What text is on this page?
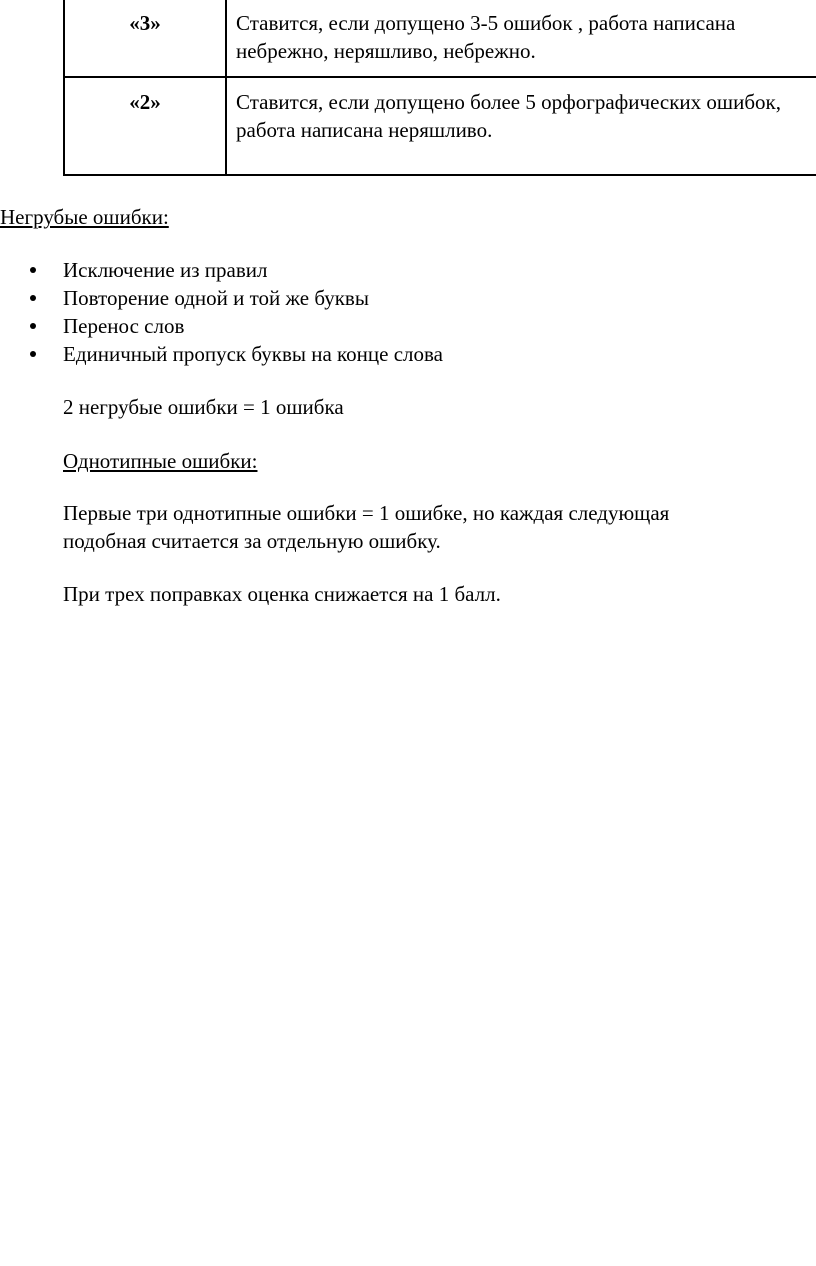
«3»	Ставится, если допущено 3-5 ошибок , работа написана
небрежно, неряшливо, небрежно.

«2»	Ставится, если допущено более 5 орфографических ошибок,
работа написана неряшливо.

Негрубые ошибки:

Исключение из правил
Повторение одной и той же буквы
Перенос слов
Единичный пропуск буквы на конце слова

2 негрубые ошибки = 1 ошибка

Однотипные ошибки:

Первые три однотипные ошибки = 1 ошибке, но каждая следующая
подобная считается за отдельную ошибку.

При трех поправках оценка снижается на 1 балл.
